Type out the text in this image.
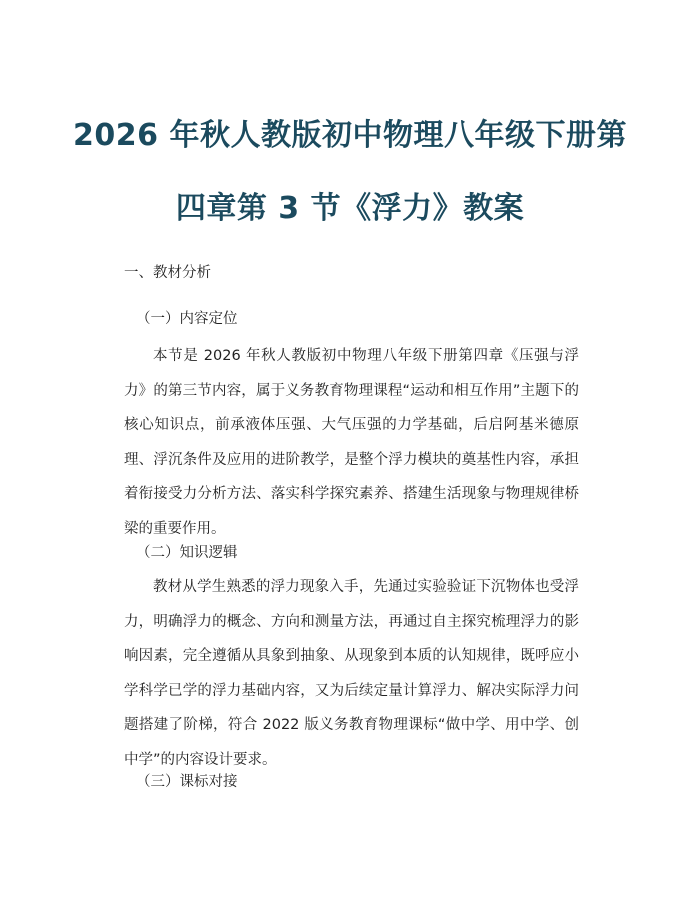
2026 年秋人教版初中物理八年级下册第
四章第 3 节《浮力》教案
一、教材分析
（一）内容定位
本节是 2026 年秋人教版初中物理八年级下册第四章《压强与浮力》的第三节内容，属于义务教育物理课程“运动和相互作用”主题下的核心知识点，前承液体压强、大气压强的力学基础，后启阿基米德原理、浮沉条件及应用的进阶教学，是整个浮力模块的奠基性内容，承担着衔接受力分析方法、落实科学探究素养、搭建生活现象与物理规律桥梁的重要作用。
（二）知识逻辑
教材从学生熟悉的浮力现象入手，先通过实验验证下沉物体也受浮力，明确浮力的概念、方向和测量方法，再通过自主探究梳理浮力的影响因素，完全遵循从具象到抽象、从现象到本质的认知规律，既呼应小学科学已学的浮力基础内容，又为后续定量计算浮力、解决实际浮力问题搭建了阶梯，符合 2022 版义务教育物理课标“做中学、用中学、创中学”的内容设计要求。
（三）课标对接
